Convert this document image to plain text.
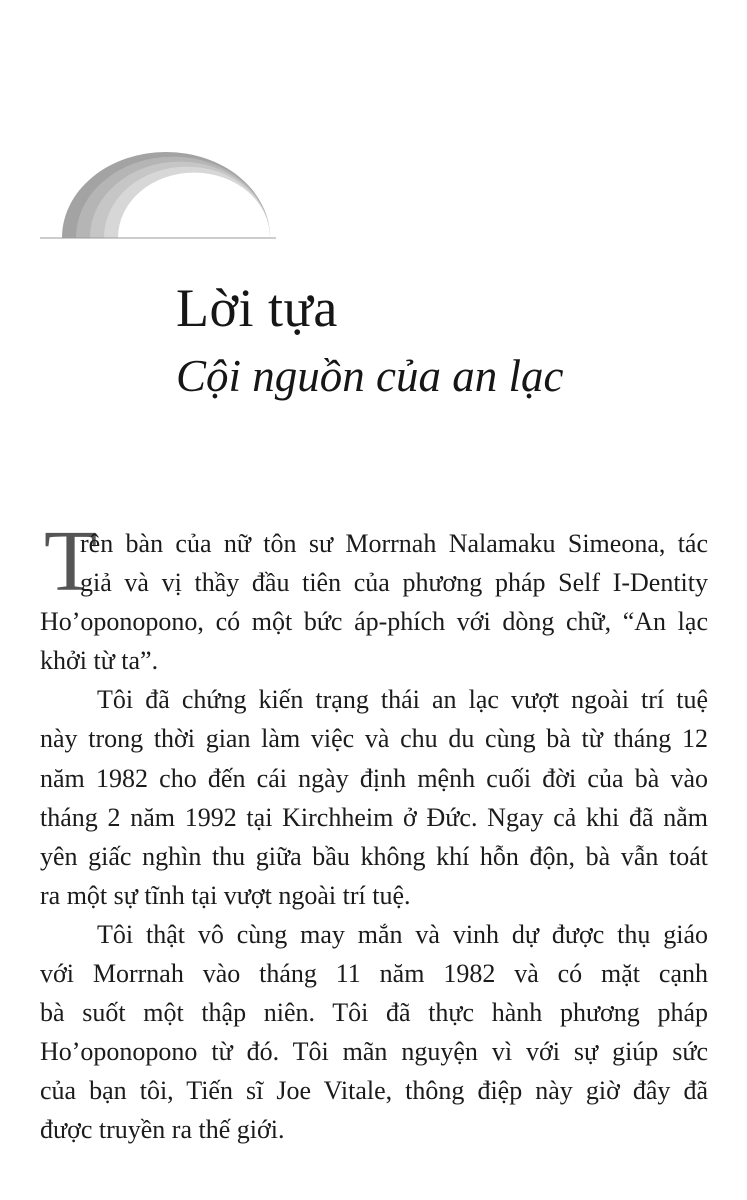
Lời tựa
Cội nguồn của an lạc
T
rên bàn của nữ tôn sư Morrnah Nalamaku Simeona, tác
giả và vị thầy đầu tiên của phương pháp Self I-Dentity
Hoʼoponopono, có một bức áp-phích với dòng chữ, “An lạc
khởi từ ta”.
Tôi đã chứng kiến trạng thái an lạc vượt ngoài trí tuệ
này trong thời gian làm việc và chu du cùng bà từ tháng 12
năm 1982 cho đến cái ngày định mệnh cuối đời của bà vào
tháng 2 năm 1992 tại Kirchheim ở Đức. Ngay cả khi đã nằm
yên giấc nghìn thu giữa bầu không khí hỗn độn, bà vẫn toát
ra một sự tĩnh tại vượt ngoài trí tuệ.
Tôi thật vô cùng may mắn và vinh dự được thụ giáo
với Morrnah vào tháng 11 năm 1982 và có mặt cạnh
bà suốt một thập niên. Tôi đã thực hành phương pháp
Hoʼoponopono từ đó. Tôi mãn nguyện vì với sự giúp sức
của bạn tôi, Tiến sĩ Joe Vitale, thông điệp này giờ đây đã
được truyền ra thế giới.
